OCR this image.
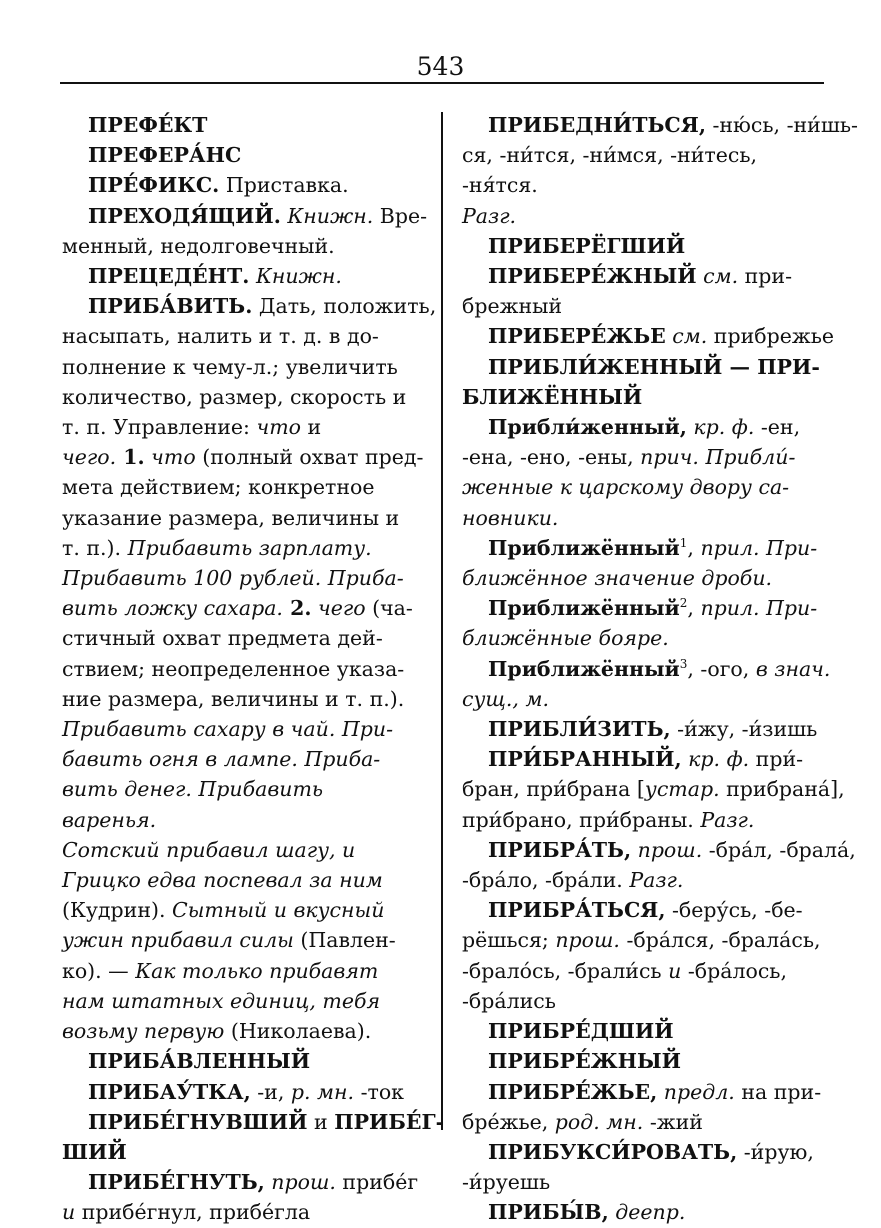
543

ПРЕФЕ́КТ

ПРЕФЕРА́НС

ПРЕ́ФИКС. Приставка.

ПРЕХОДЯ́ЩИЙ. Книжн. Вре-

менный, недолговечный.

ПРЕЦЕДЕ́НТ. Книжн.

ПРИБА́ВИТЬ. Дать, положить,

насыпать, налить и т. д. в до-
полнение к чему-л.; увеличить
количество, размер, скорость и
т. п. Управление: что и
чего. 1. что (полный охват пред-
мета действием; конкретное
указание размера, величины и
т. п.). Прибавить зарплату.
Прибавить 100 рублей. Приба-
вить ложку сахара. 2. чего (ча-
стичный охват предмета дей-
ствием; неопределенное указа-
ние размера, величины и т. п.).
Прибавить сахару в чай. При-
бавить огня в лампе. Приба-
вить денег. Прибавить варенья.
Сотский прибавил шагу, и
Грицко едва поспевал за ним
(Кудрин). Сытный и вкусный
ужин прибавил силы (Павлен-
ко). — Как только прибавят
нам штатных единиц, тебя
возьму первую (Николаева).

ПРИБА́ВЛЕННЫЙ

ПРИБАУ́ТКА, -и, р. мн. -ток

ПРИБЕ́ГНУВШИЙ и ПРИБЕ́Г-

ШИЙ

ПРИБЕ́ГНУТЬ, прош. прибе́г

и прибе́гнул, прибе́гла

ПРИБЕДНИ́ТЬСЯ, -ню́сь, -ни́шь-

ся, -ни́тся, -ни́мся, -ни́тесь, -ня́тся.
Разг.

ПРИБЕРЁГШИЙ

ПРИБЕРЕ́ЖНЫЙ см. при-

брежный

ПРИБЕРЕ́ЖЬЕ см. прибрежье

ПРИБЛИ́ЖЕННЫЙ — ПРИ-

БЛИЖЁННЫЙ

Прибли́женный, кр. ф. -ен,

-ена, -ено, -ены, прич. Прибли́-
женные к царскому двору са-
новники.

Приближённый$^1$, прил. При-

ближённое значение дроби.

Приближённый$^2$, прил. При-

ближённые бояре.

Приближённый$^3$, -ого, в знач.

сущ., м.

ПРИБЛИ́ЗИТЬ, -и́жу, -и́зишь

ПРИ́БРАННЫЙ, кр. ф. при́-

бран, при́брана [устар. прибрана́],
при́брано, при́браны. Разг.

ПРИБРА́ТЬ, прош. -бра́л, -брала́,

-бра́ло, -бра́ли. Разг.

ПРИБРА́ТЬСЯ, -беру́сь, -бе-

рёшься; прош. -бра́лся, -брала́сь,
-брало́сь, -брали́сь и -бра́лось,
-бра́лись

ПРИБРЕ́ДШИЙ

ПРИБРЕ́ЖНЫЙ

ПРИБРЕ́ЖЬЕ, предл. на при-

бре́жье, род. мн. -жий

ПРИБУКСИ́РОВАТЬ, -и́рую,

-и́руешь

ПРИБЫ́В, деепр.
